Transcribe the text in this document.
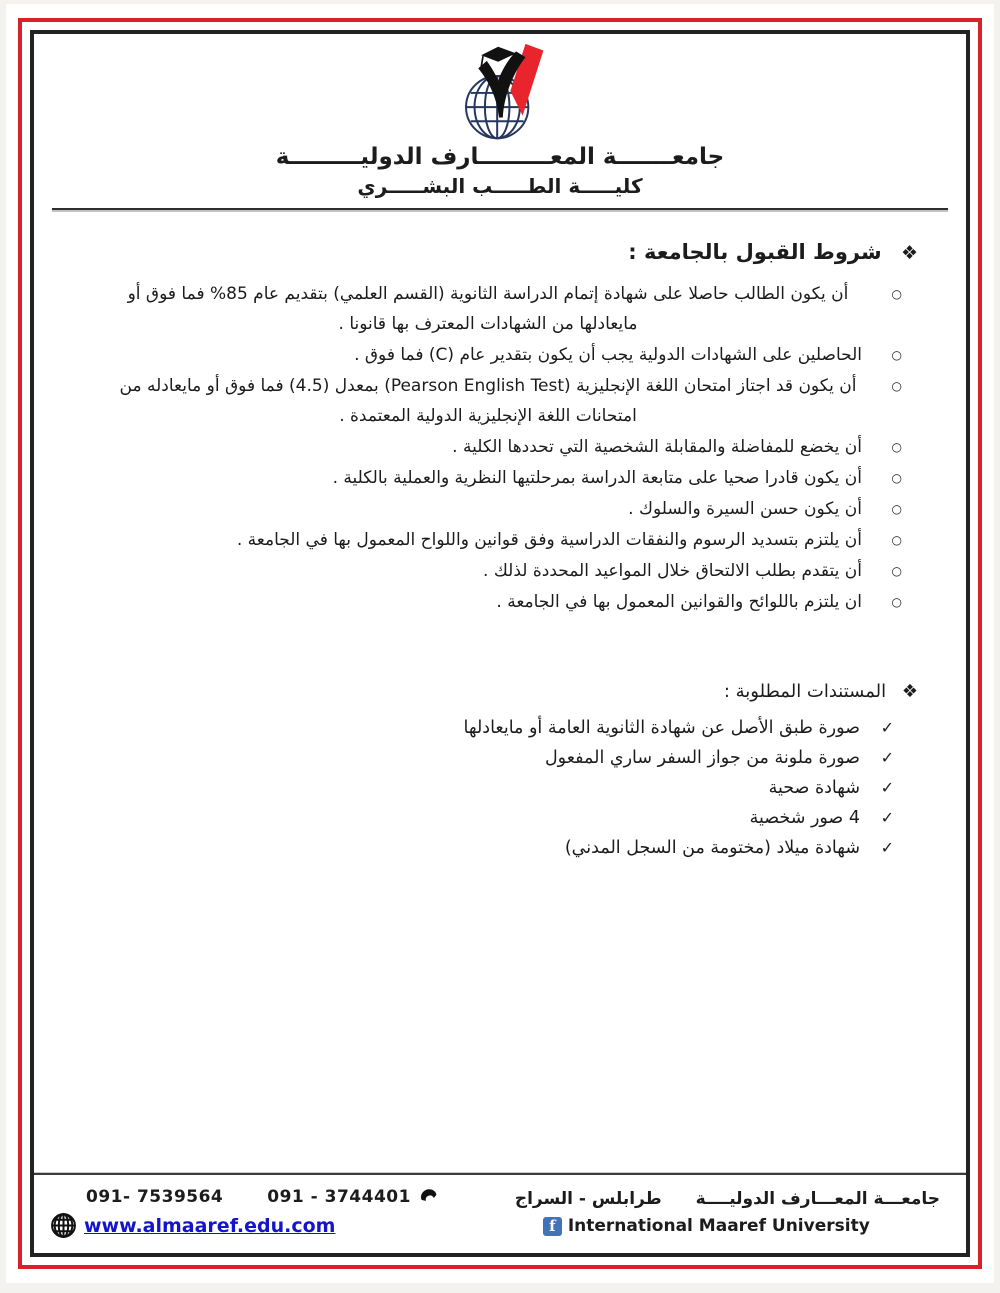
جامعـــــــة المعـــــــــارف الدوليـــــــــة
كليـــــة الطـــــب البشـــــري
❖ شروط القبول بالجامعة :
○
أن يكون الطالب حاصلا على شهادة إتمام الدراسة الثانوية (القسم العلمي) بتقديم عام 85% فما فوق أو مايعادلها من الشهادات المعترف بها قانونا .
○
الحاصلين على الشهادات الدولية يجب أن يكون بتقدير عام (C) فما فوق .
○
أن يكون قد اجتاز امتحان اللغة الإنجليزية (Pearson English Test) بمعدل (4.5) فما فوق أو مايعادله من امتحانات اللغة الإنجليزية الدولية المعتمدة .
○
أن يخضع للمفاضلة والمقابلة الشخصية التي تحددها الكلية .
○
أن يكون قادرا صحيا على متابعة الدراسة بمرحلتيها النظرية والعملية بالكلية .
○
أن يكون حسن السيرة والسلوك .
○
أن يلتزم بتسديد الرسوم والنفقات الدراسية وفق قوانين واللواح المعمول بها في الجامعة .
○
أن يتقدم بطلب الالتحاق خلال المواعيد المحددة لذلك .
○
ان يلتزم باللوائح والقوانين المعمول بها في الجامعة .
❖ المستندات المطلوبة :
✓
صورة طبق الأصل عن شهادة الثانوية العامة أو مايعادلها
✓
صورة ملونة من جواز السفر ساري المفعول
✓
شهادة صحية
✓
4 صور شخصية
✓
شهادة ميلاد (مختومة من السجل المدني)
091- 7539564	091 - 3744401
www.almaaref.edu.com
جامعـــة المعـــارف الدوليــــة
طرابلس - السراج
f International Maaref University
